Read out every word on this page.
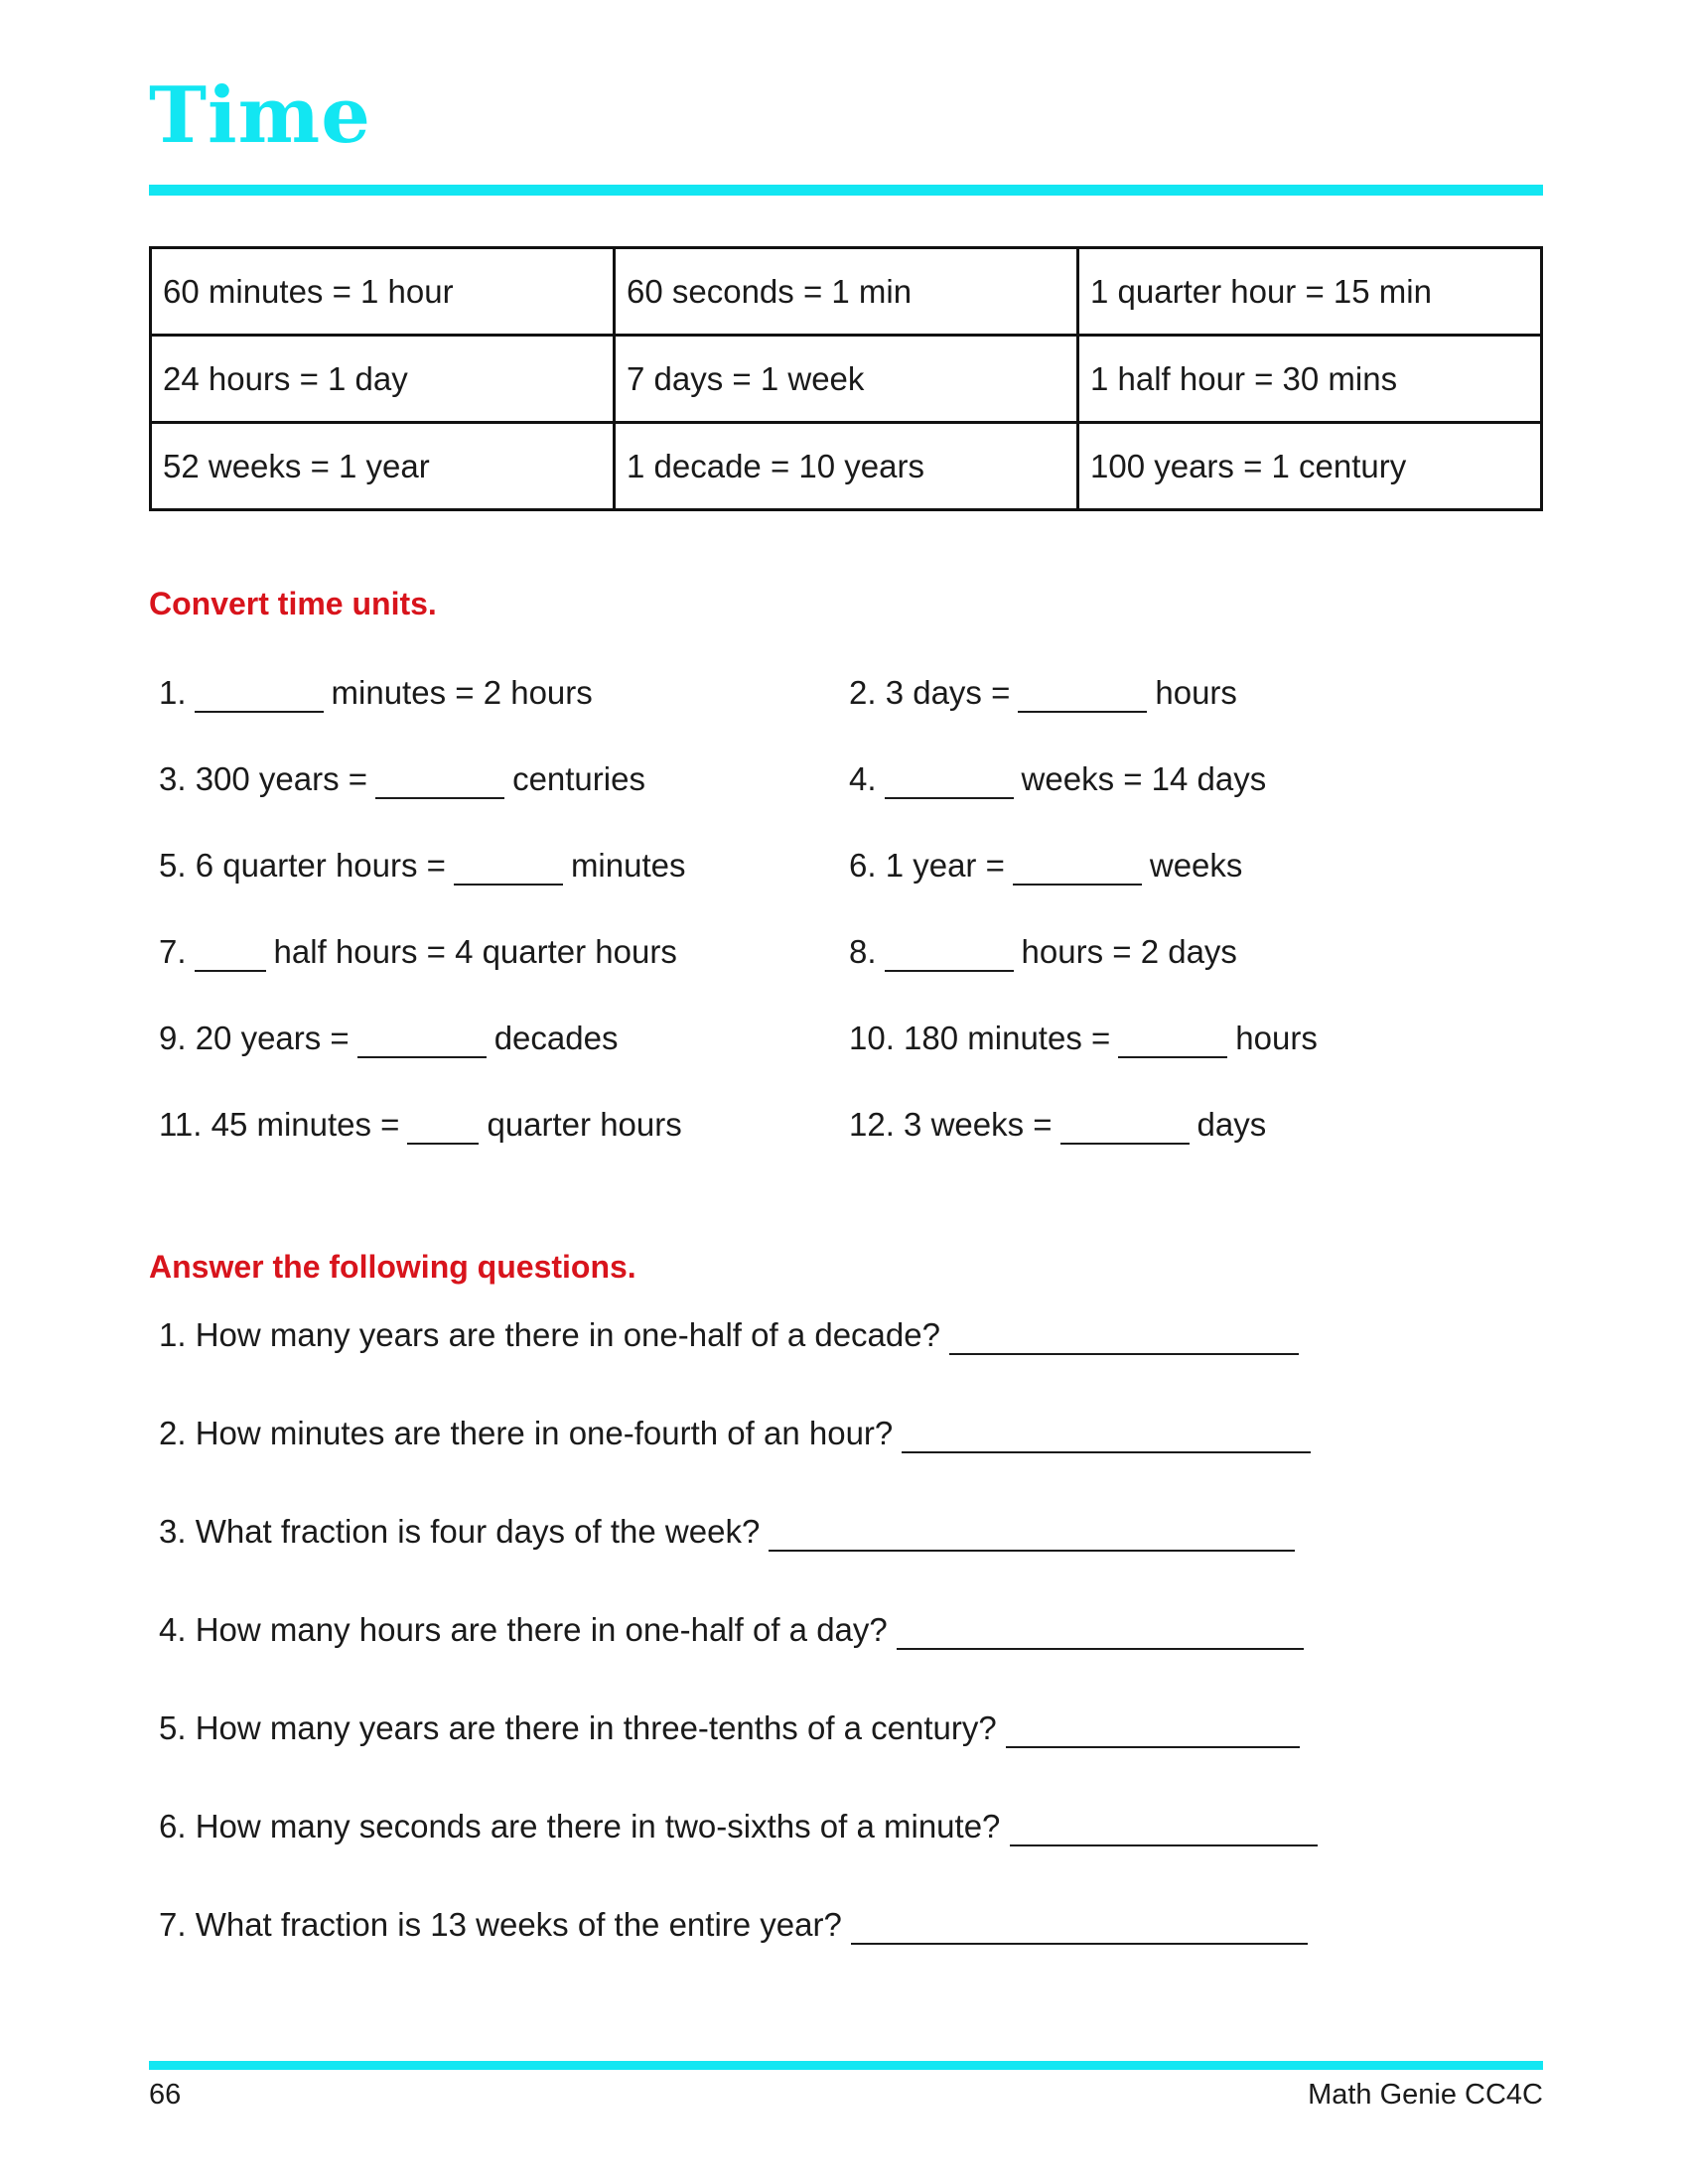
Time
60 minutes = 1 hour	60 seconds = 1 min	1 quarter hour = 15 min
24 hours = 1 day	7 days = 1 week	1 half hour = 30 mins
52 weeks = 1 year	1 decade = 10 years	100 years = 1 century
Convert time units.
1.	minutes = 2 hours
3. 300 years =	centuries
5. 6 quarter hours =	minutes
7.	half hours = 4 quarter hours
9. 20 years =	decades
11. 45 minutes =	quarter hours
2. 3 days =	hours
4.	weeks = 14 days
6. 1 year =	weeks
8.	hours = 2 days
10. 180 minutes =	hours
12. 3 weeks =	days
Answer the following questions.
1. How many years are there in one-half of a decade?
2. How minutes are there in one-fourth of an hour?
3. What fraction is four days of the week?
4. How many hours are there in one-half of a day?
5. How many years are there in three-tenths of a century?
6. How many seconds are there in two-sixths of a minute?
7. What fraction is 13 weeks of the entire year?
66	Math Genie CC4C
